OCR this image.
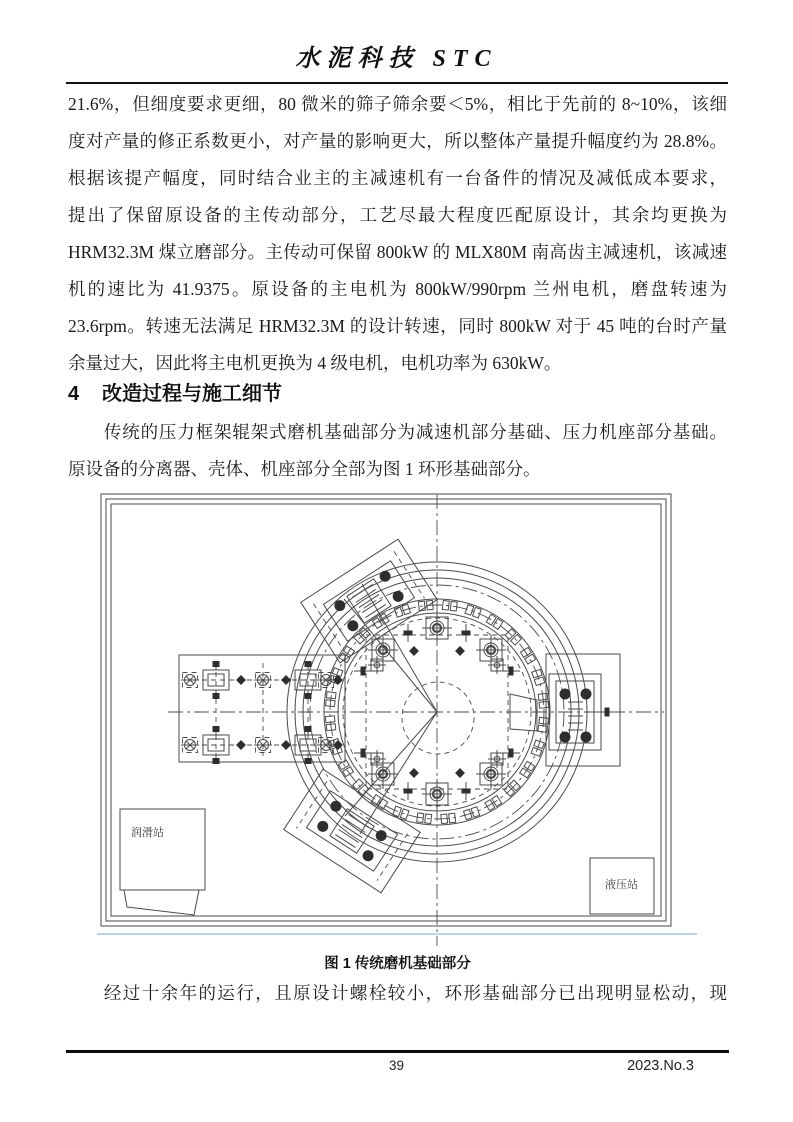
水泥科技 STC
21.6%，但细度要求更细，80 微米的筛子筛余要＜5%，相比于先前的 8~10%，该细
度对产量的修正系数更小，对产量的影响更大，所以整体产量提升幅度约为 28.8%。
根据该提产幅度，同时结合业主的主减速机有一台备件的情况及减低成本要求，
提出了保留原设备的主传动部分，工艺尽最大程度匹配原设计，其余均更换为
HRM32.3M 煤立磨部分。主传动可保留 800kW 的 MLX80M 南高齿主减速机，该减速
机的速比为 41.9375。原设备的主电机为 800kW/990rpm 兰州电机，磨盘转速为
23.6rpm。转速无法满足 HRM32.3M 的设计转速，同时 800kW 对于 45 吨的台时产量
余量过大，因此将主电机更换为 4 级电机，电机功率为 630kW。
4 改造过程与施工细节
传统的压力框架辊架式磨机基础部分为减速机部分基础、压力机座部分基础。
原设备的分离器、壳体、机座部分全部为图 1 环形基础部分。
润滑站
液压站
图 1 传统磨机基础部分
经过十余年的运行，且原设计螺栓较小，环形基础部分已出现明显松动，现
39	2023.No.3
